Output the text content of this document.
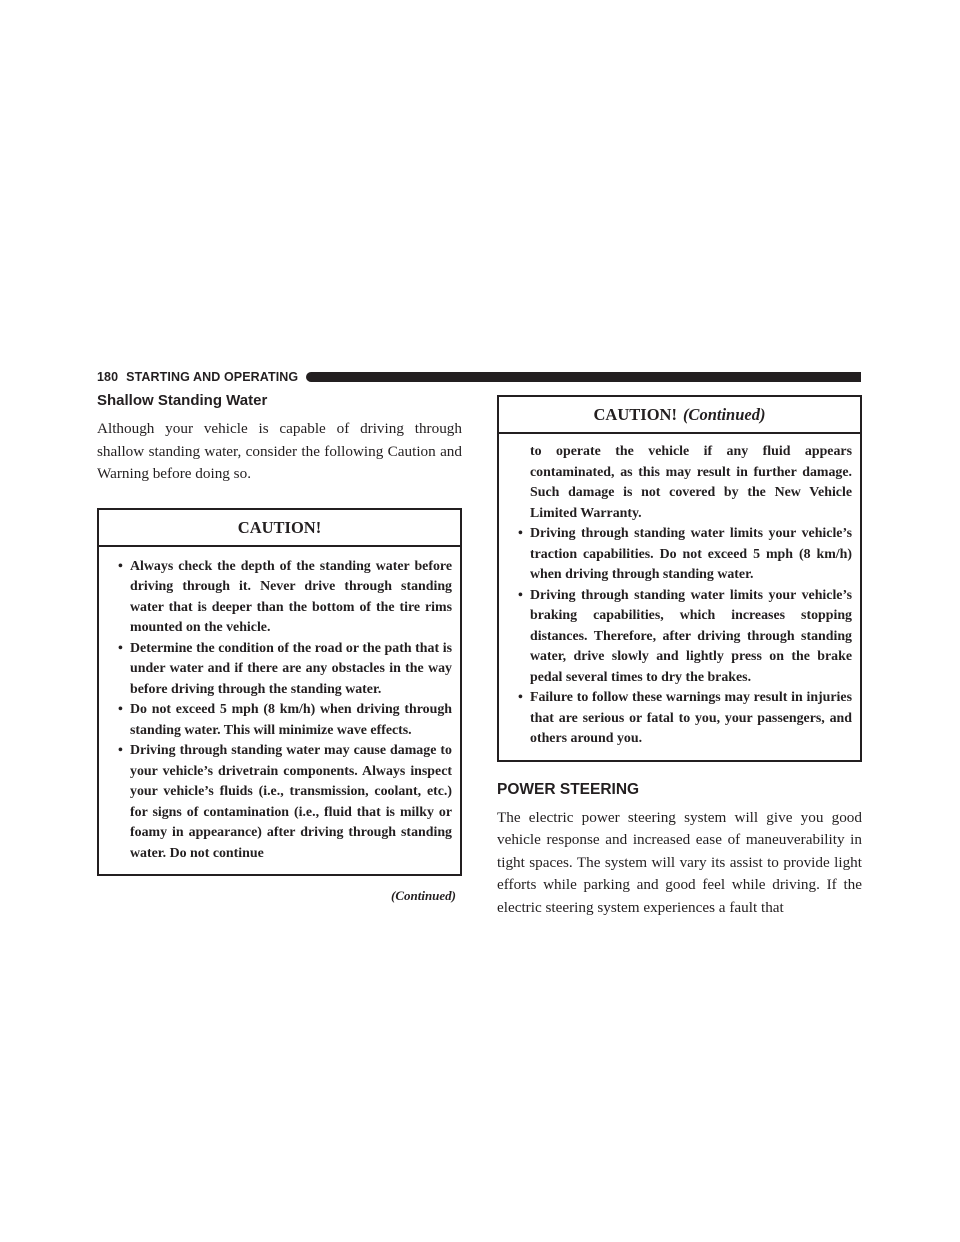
180 STARTING AND OPERATING
Shallow Standing Water

Although your vehicle is capable of driving through shallow standing water, consider the following Caution and Warning before doing so.

CAUTION!
• Always check the depth of the standing water before driving through it. Never drive through standing water that is deeper than the bottom of the tire rims mounted on the vehicle.
• Determine the condition of the road or the path that is under water and if there are any obstacles in the way before driving through the standing water.
• Do not exceed 5 mph (8 km/h) when driving through standing water. This will minimize wave effects.
• Driving through standing water may cause damage to your vehicle’s drivetrain components. Always inspect your vehicle’s fluids (i.e., transmission, coolant, etc.) for signs of contamination (i.e., fluid that is milky or foamy in appearance) after driving through standing water. Do not continue
(Continued)
CAUTION! (Continued)
to operate the vehicle if any fluid appears contaminated, as this may result in further damage. Such damage is not covered by the New Vehicle Limited Warranty.
• Driving through standing water limits your vehicle’s traction capabilities. Do not exceed 5 mph (8 km/h) when driving through standing water.
• Driving through standing water limits your vehicle’s braking capabilities, which increases stopping distances. Therefore, after driving through standing water, drive slowly and lightly press on the brake pedal several times to dry the brakes.
• Failure to follow these warnings may result in injuries that are serious or fatal to you, your passengers, and others around you.
POWER STEERING

The electric power steering system will give you good vehicle response and increased ease of maneuverability in tight spaces. The system will vary its assist to provide light efforts while parking and good feel while driving. If the electric steering system experiences a fault that
